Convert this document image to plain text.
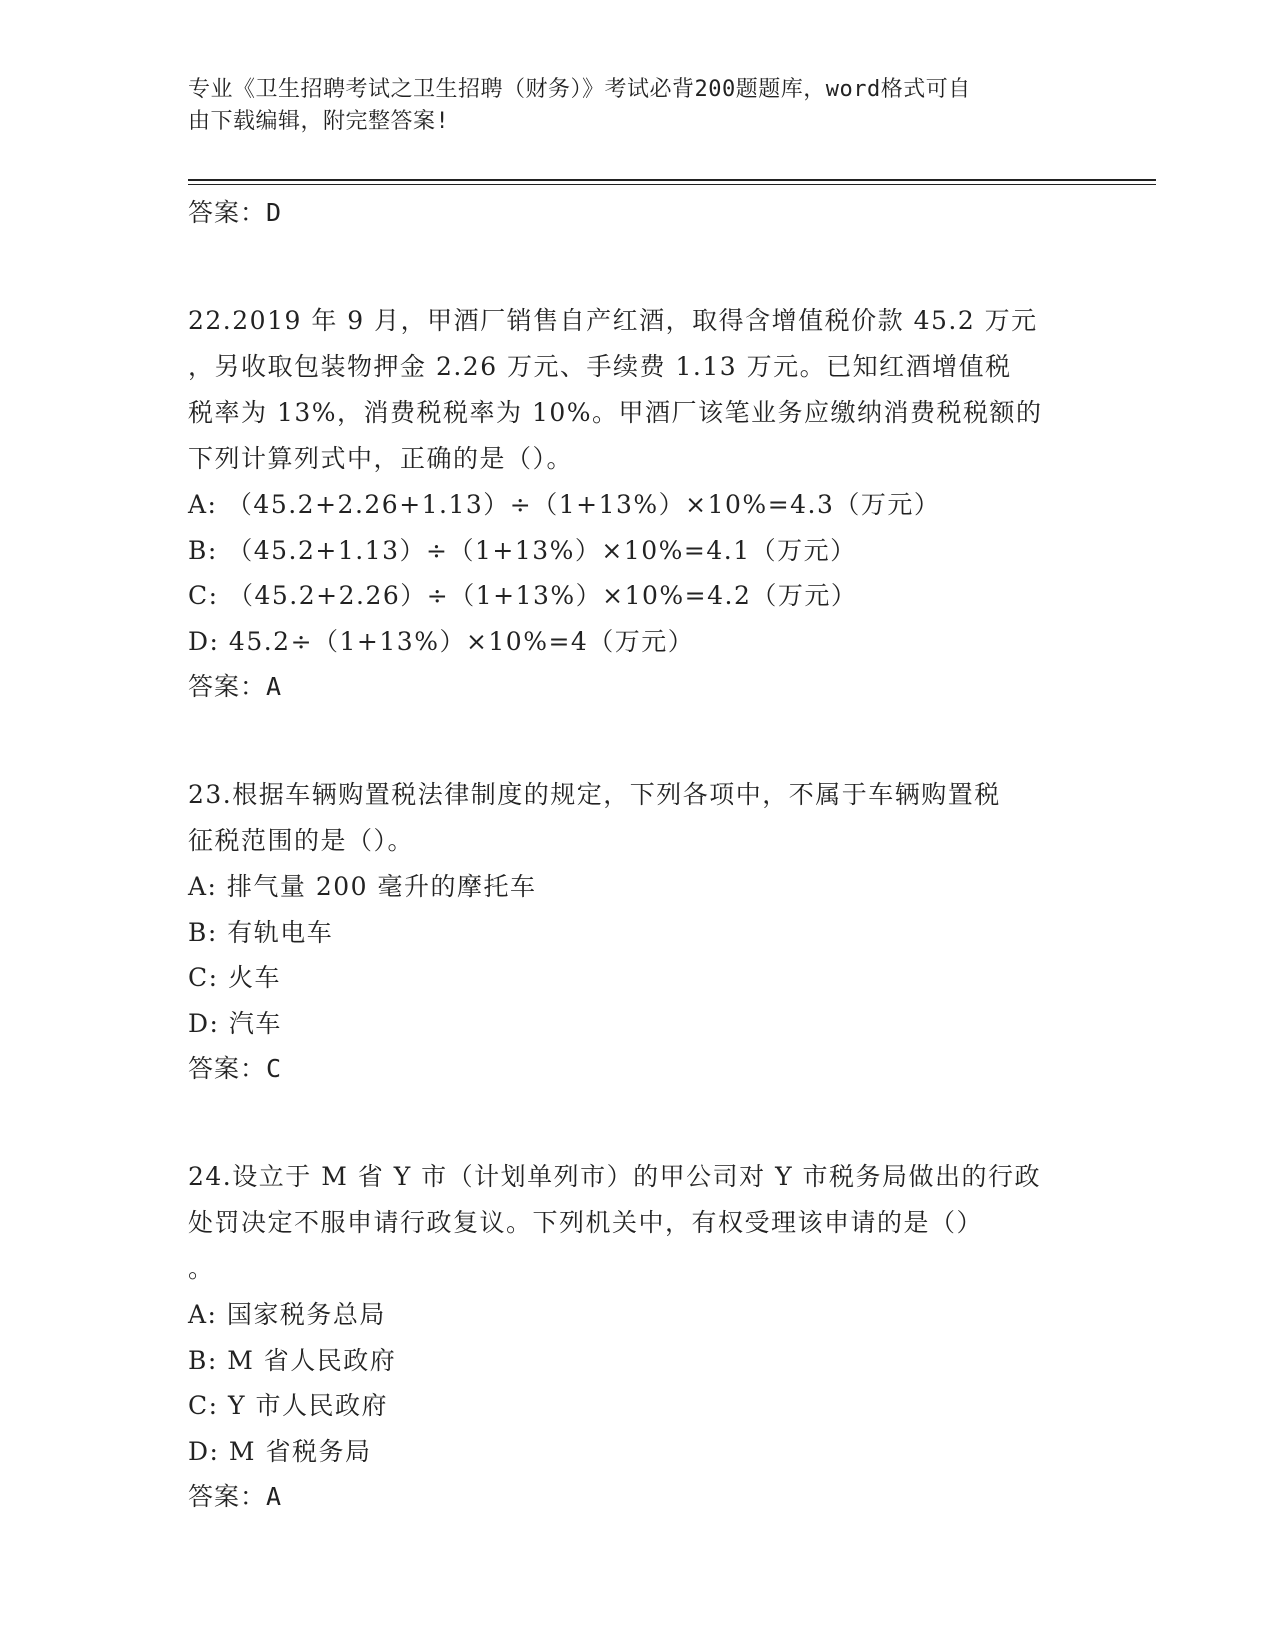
专业《卫生招聘考试之卫生招聘（财务）》考试必背200题题库，word格式可自
由下载编辑，附完整答案!
答案：D
22.2019 年 9 月，甲酒厂销售自产红酒，取得含增值税价款 45.2 万元
，另收取包装物押金 2.26 万元、手续费 1.13 万元。已知红酒增值税
税率为 13%，消费税税率为 10%。甲酒厂该笔业务应缴纳消费税税额的
下列计算列式中，正确的是（）。
A: （45.2+2.26+1.13）÷（1+13%）×10%=4.3（万元）
B: （45.2+1.13）÷（1+13%）×10%=4.1（万元）
C: （45.2+2.26）÷（1+13%）×10%=4.2（万元）
D: 45.2÷（1+13%）×10%=4（万元）
答案：A
23.根据车辆购置税法律制度的规定，下列各项中，不属于车辆购置税
征税范围的是（）。
A: 排气量 200 毫升的摩托车
B: 有轨电车
C: 火车
D: 汽车
答案：C
24.设立于 M 省 Y 市（计划单列市）的甲公司对 Y 市税务局做出的行政
处罚决定不服申请行政复议。下列机关中，有权受理该申请的是（）
。
A: 国家税务总局
B: M 省人民政府
C: Y 市人民政府
D: M 省税务局
答案：A
